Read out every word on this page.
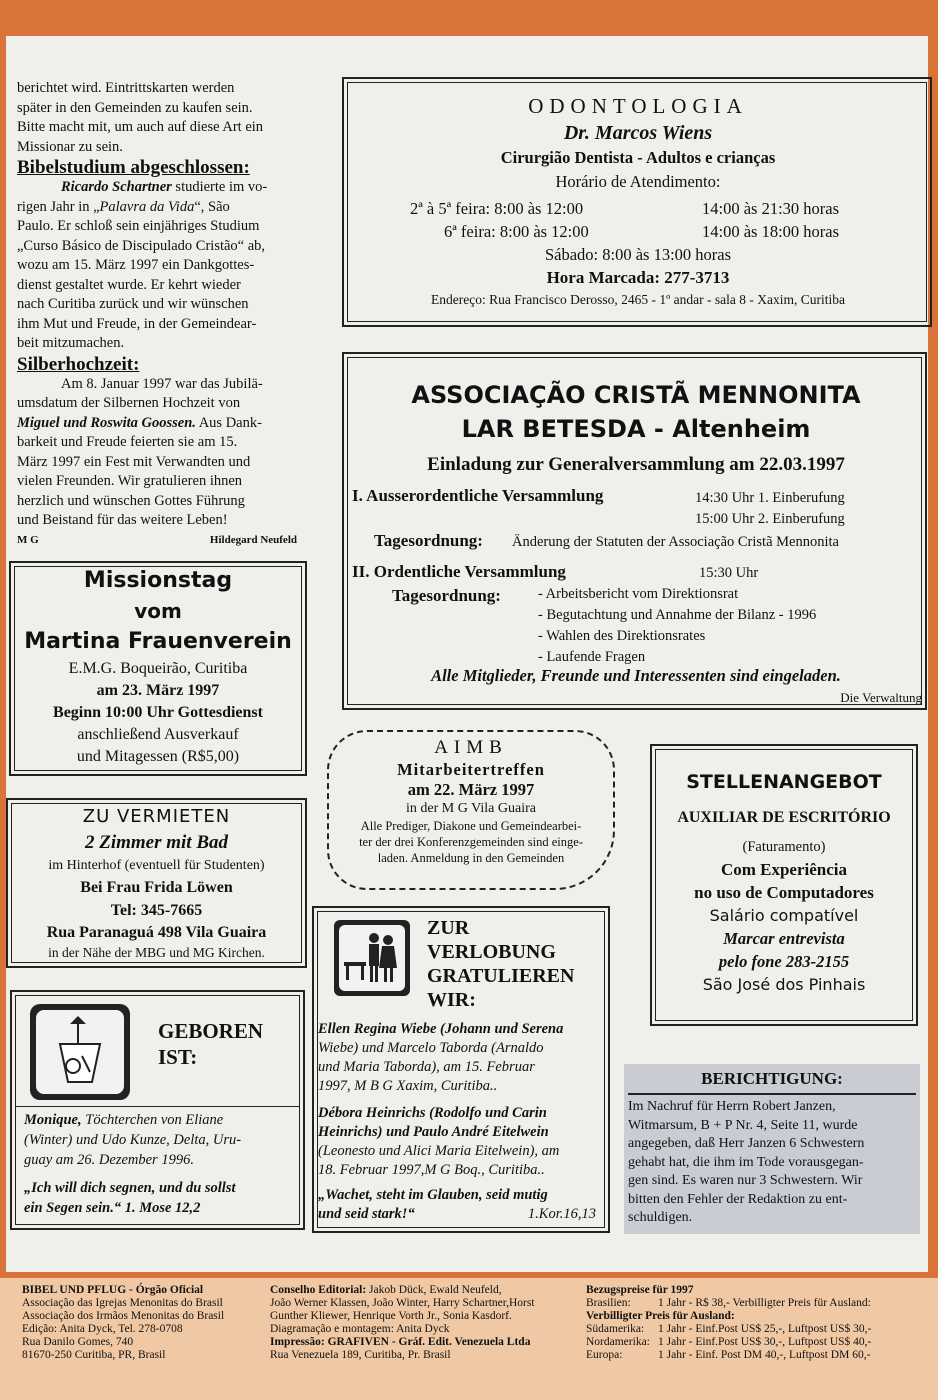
berichtet wird. Eintrittskarten werden
später in den Gemeinden zu kaufen sein.
Bitte macht mit, um auch auf diese Art ein
Missionar zu sein.
Bibelstudium abgeschlossen:
Ricardo Schartner studierte im vo-
rigen Jahr in „Palavra da Vida“, São
Paulo. Er schloß sein einjähriges Studium
„Curso Básico de Discipulado Cristão“ ab,
wozu am 15. März 1997 ein Dankgottes-
dienst gestaltet wurde. Er kehrt wieder
nach Curitiba zurück und wir wünschen
ihm Mut und Freude, in der Gemeindear-
beit mitzumachen.
Silberhochzeit:
Am 8. Januar 1997 war das Jubilä-
umsdatum der Silbernen Hochzeit von
Miguel und Roswita Goossen. Aus Dank-
barkeit und Freude feierten sie am 15.
März 1997 ein Fest mit Verwandten und
vielen Freunden. Wir gratulieren ihnen
herzlich und wünschen Gottes Führung
und Beistand für das weitere Leben!
M G	Hildegard Neufeld
Missionstag
vom
Martina Frauenverein
E.M.G. Boqueirão, Curitiba
am 23. März 1997
Beginn 10:00 Uhr Gottesdienst
anschließend Ausverkauf
und Mitagessen (R$5,00)
ZU VERMIETEN
2 Zimmer mit Bad
im Hinterhof (eventuell für Studenten)
Bei Frau Frida Löwen
Tel: 345-7665
Rua Paranaguá 498 Vila Guaira
in der Nähe der MBG und MG Kirchen.
GEBOREN
IST:
Monique, Töchterchen von Eliane
(Winter) und Udo Kunze, Delta, Uru-
guay am 26. Dezember 1996.
„Ich will dich segnen, und du sollst
ein Segen sein.“ 1. Mose 12,2
ODONTOLOGIA
Dr. Marcos Wiens
Cirurgião Dentista - Adultos e crianças
Horário de Atendimento:
2ª à 5ª feira: 8:00 às 12:00	14:00 às 21:30 horas
6ª feira: 8:00 às 12:00	14:00 às 18:00 horas
Sábado: 8:00 às 13:00 horas
Hora Marcada: 277-3713
Endereço: Rua Francisco Derosso, 2465 - 1º andar - sala 8 - Xaxim, Curitiba
ASSOCIAÇÃO CRISTÃ MENNONITA
LAR BETESDA - Altenheim
Einladung zur Generalversammlung am 22.03.1997
I. Ausserordentliche Versammlung	14:30 Uhr 1. Einberufung
15:00 Uhr 2. Einberufung
Tagesordnung: Änderung der Statuten der Associação Cristã Mennonita
II. Ordentliche Versammlung	15:30 Uhr
Tagesordnung:	- Arbeitsbericht vom Direktionsrat
- Begutachtung und Annahme der Bilanz - 1996
- Wahlen des Direktionsrates
- Laufende Fragen
Alle Mitglieder, Freunde und Interessenten sind eingeladen.
Die Verwaltung
AIMB
Mitarbeitertreffen
am 22. März 1997
in der M G Vila Guaira
Alle Prediger, Diakone und Gemeindearbei-
ter der drei Konferenzgemeinden sind einge-
laden. Anmeldung in den Gemeinden
ZUR
VERLOBUNG
GRATULIEREN
WIR:
Ellen Regina Wiebe (Johann und Serena
Wiebe) und Marcelo Taborda (Arnaldo
und Maria Taborda), am 15. Februar
1997, M B G Xaxim, Curitiba..
Débora Heinrichs (Rodolfo und Carin
Heinrichs) und Paulo André Eitelwein
(Leonesto und Alici Maria Eitelwein), am
18. Februar 1997,M G Boq., Curitiba..
„Wachet, steht im Glauben, seid mutig
und seid stark!“	1.Kor.16,13
STELLENANGEBOT
AUXILIAR DE ESCRITÓRIO
(Faturamento)
Com Experiência
no uso de Computadores
Salário compatível
Marcar entrevista
pelo fone 283-2155
São José dos Pinhais
BERICHTIGUNG:
Im Nachruf für Herrn Robert Janzen,
Witmarsum, B + P Nr. 4, Seite 11, wurde
angegeben, daß Herr Janzen 6 Schwestern
gehabt hat, die ihm im Tode vorausgegan-
gen sind. Es waren nur 3 Schwestern. Wir
bitten den Fehler der Redaktion zu ent-
schuldigen.
BIBEL UND PFLUG - Órgão Oficial
Associação das Igrejas Menonitas do Brasil
Associação dos Irmãos Menonitas do Brasil
Edição: Anita Dyck, Tel. 278-0708
Rua Danilo Gomes, 740
81670-250 Curitiba, PR, Brasil
Conselho Editorial: Jakob Dück, Ewald Neufeld,
João Werner Klassen, João Winter, Harry Schartner,Horst
Gunther Kliewer, Henrique Vorth Jr., Sonia Kasdorf.
Diagramação e montagem: Anita Dyck
Impressão: GRAFIVEN - Gráf. Edit. Venezuela Ltda
Rua Venezuela 189, Curitiba, Pr. Brasil
Bezugspreise für 1997
Brasilien: 1 Jahr - R$ 38,- Verbilligter Preis für Ausland:
Verbilligter Preis für Ausland:
Südamerika: 1 Jahr - Einf.Post US$ 25,-, Luftpost US$ 30,-
Nordamerika: 1 Jahr - Einf.Post US$ 30,-, Luftpost US$ 40,-
Europa:	1 Jahr - Einf. Post DM 40,-, Luftpost DM 60,-
